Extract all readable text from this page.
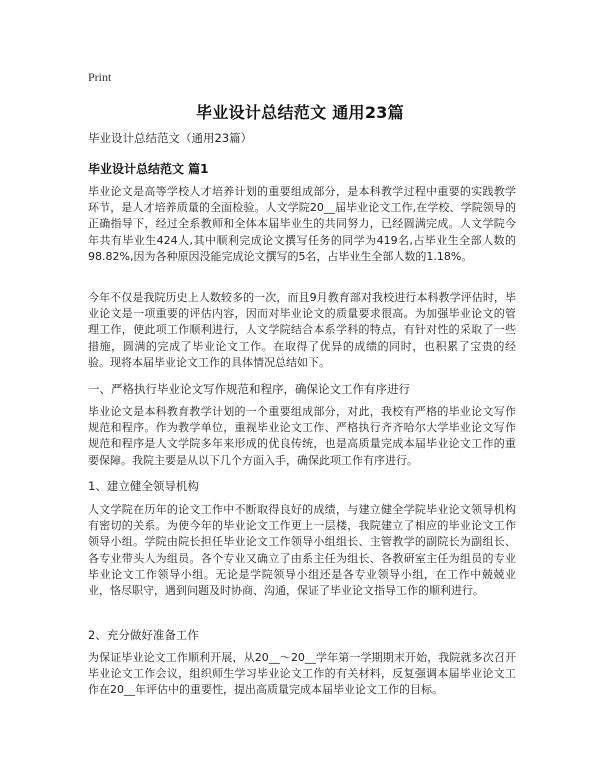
Print
毕业设计总结范文 通用23篇
毕业设计总结范文（通用23篇）
毕业设计总结范文 篇1

毕业论文是高等学校人才培养计划的重要组成部分，是本科教学过程中重要的实践教学环节，是人才培养质量的全面检验。人文学院20__届毕业论文工作,在学校、学院领导的正确指导下，经过全系教师和全体本届毕业生的共同努力，已经圆满完成。人文学院今年共有毕业生424人,其中顺利完成论文撰写任务的同学为419名,占毕业生全部人数的98.82%,因为各种原因没能完成论文撰写的5名，占毕业生全部人数的1.18%。

今年不仅是我院历史上人数较多的一次，而且9月教育部对我校进行本科教学评估时，毕业论文是一项重要的评估内容，因而对毕业论文的质量要求很高。为加强毕业论文的管理工作，使此项工作顺利进行，人文学院结合本系学科的特点，有针对性的采取了一些措施，圆满的完成了毕业论文工作。在取得了优异的成绩的同时，也积累了宝贵的经验。现将本届毕业论文工作的具体情况总结如下。

一、严格执行毕业论文写作规范和程序，确保论文工作有序进行

毕业论文是本科教育教学计划的一个重要组成部分，对此，我校有严格的毕业论文写作规范和程序。作为教学单位，重视毕业论文工作、严格执行齐齐哈尔大学毕业论文写作规范和程序是人文学院多年来形成的优良传统，也是高质量完成本届毕业论文工作的重要保障。我院主要是从以下几个方面入手，确保此项工作有序进行。

1、建立健全领导机构

人文学院在历年的论文工作中不断取得良好的成绩，与建立健全学院毕业论文领导机构有密切的关系。为使今年的毕业论文工作更上一层楼，我院建立了相应的毕业论文工作领导小组。学院由院长担任毕业论文工作领导小组组长、主管教学的副院长为副组长、各专业带头人为组员。各个专业又确立了由系主任为组长、各教研室主任为组员的专业毕业论文工作领导小组。无论是学院领导小组还是各专业领导小组，在工作中兢兢业业，恪尽职守，遇到问题及时协商、沟通，保证了毕业论文指导工作的顺利进行。

2、充分做好准备工作

为保证毕业论文工作顺利开展，从20__～20__学年第一学期期末开始，我院就多次召开毕业论文工作会议，组织师生学习毕业论文工作的有关材料，反复强调本届毕业论文工作在20__年评估中的重要性，提出高质量完成本届毕业论文工作的目标。
